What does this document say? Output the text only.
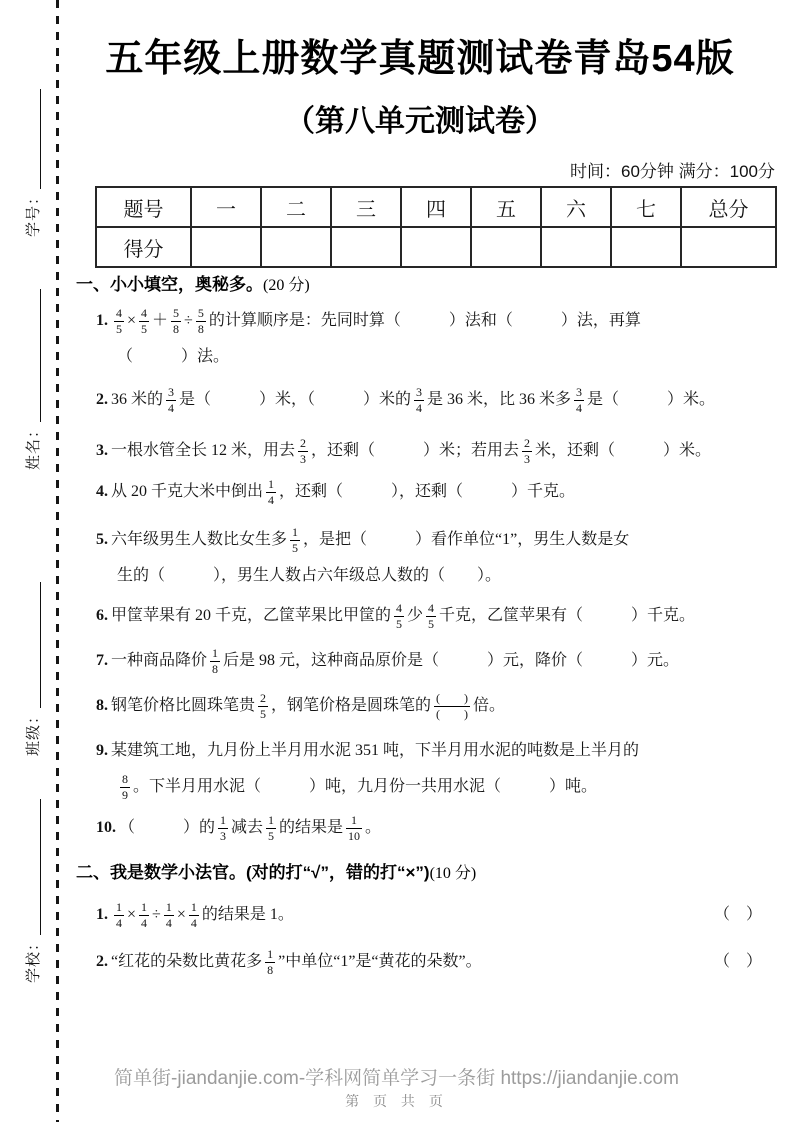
学号：
姓名：
班级：
学校：
五年级上册数学真题测试卷青岛54版
（第八单元测试卷）
时间：60分钟 满分：100分
题号	一	二	三	四	五	六	七	总分
得分								
一、小小填空，奥秘多。(20 分)
1. $\frac{4}{5} \times \frac{4}{5} + \frac{5}{8} \div \frac{5}{8}$ 的计算顺序是：先同时算（　　　）法和（　　　）法，再算
（　　　）法。
2. 36 米的 $\frac{3}{4}$ 是（　　　）米，（　　　）米的 $\frac{3}{4}$ 是 36 米，比 36 米多 $\frac{3}{4}$ 是（　　　）米。
3. 一根水管全长 12 米，用去 $\frac{2}{3}$ ，还剩（　　　）米；若用去 $\frac{2}{3}$ 米，还剩（　　　）米。
4. 从 20 千克大米中倒出 $\frac{1}{4}$ ，还剩（　　　），还剩（　　　）千克。
5. 六年级男生人数比女生多 $\frac{1}{5}$ ，是把（　　　）看作单位“1”，男生人数是女
生的（　　　），男生人数占六年级总人数的（　　）。
6. 甲筐苹果有 20 千克，乙筐苹果比甲筐的 $\frac{4}{5}$ 少 $\frac{4}{5}$ 千克，乙筐苹果有（　　　）千克。
7. 一种商品降价 $\frac{1}{8}$ 后是 98 元，这种商品原价是（　　　）元，降价（　　　）元。
8. 钢笔价格比圆珠笔贵 $\frac{2}{5}$ ，钢笔价格是圆珠笔的 $\frac{( )}{( )}$ 倍。
9. 某建筑工地，九月份上半月用水泥 351 吨，下半月用水泥的吨数是上半月的

$\frac{8}{9}$ 。下半月用水泥（　　　）吨，九月份一共用水泥（　　　）吨。
10. （　　　）的 $\frac{1}{3}$ 减去 $\frac{1}{5}$ 的结果是 $\frac{1}{10}$ 。
二、我是数学小法官。(对的打“√”，错的打“×”)(10 分)
1. $\frac{1}{4} \times \frac{1}{4} \div \frac{1}{4} \times \frac{1}{4}$ 的结果是 1。	（　）
2. “红花的朵数比黄花多 $\frac{1}{8}$ ”中单位“1”是“黄花的朵数”。	（　）
简单街-jiandanjie.com-学科网简单学习一条街 https://jiandanjie.com
第 页 共 页
